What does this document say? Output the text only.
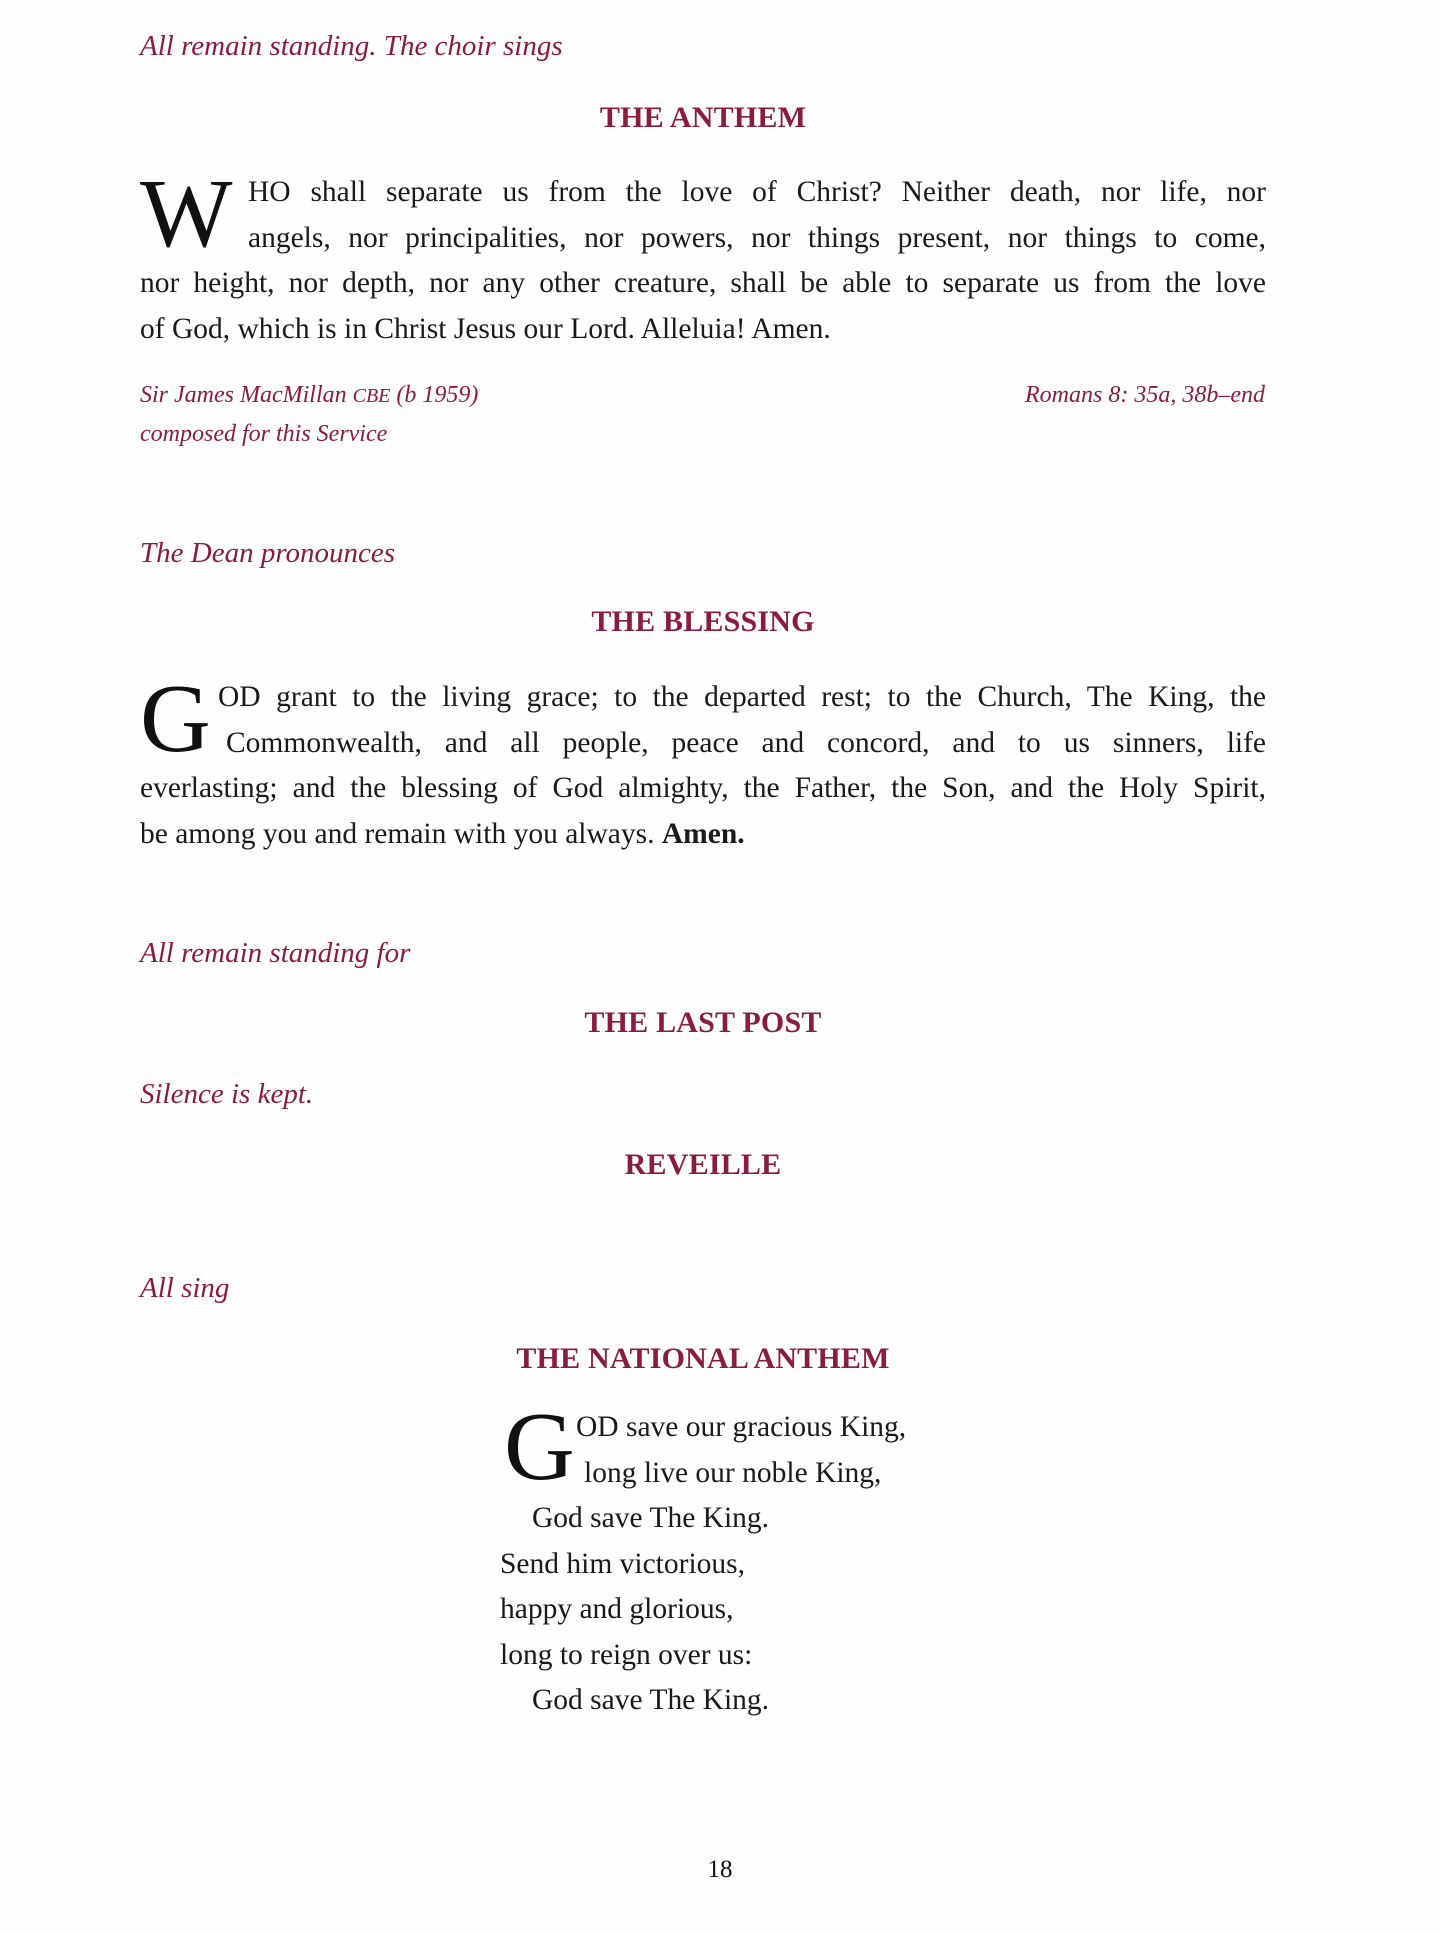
All remain standing. The choir sings
THE ANTHEM
W HO shall separate us from the love of Christ? Neither death, nor life, nor
angels, nor principalities, nor powers, nor things present, nor things to come,
nor height, nor depth, nor any other creature, shall be able to separate us from the love
of God, which is in Christ Jesus our Lord. Alleluia! Amen.
Sir James MacMillan CBE (b 1959)
composed for this Service
Romans 8: 35a, 38b–end
The Dean pronounces
THE BLESSING
G OD grant to the living grace; to the departed rest; to the Church, The King, the
Commonwealth, and all people, peace and concord, and to us sinners, life
everlasting; and the blessing of God almighty, the Father, the Son, and the Holy Spirit,
be among you and remain with you always. Amen.
All remain standing for
THE LAST POST
Silence is kept.
REVEILLE
All sing
THE NATIONAL ANTHEM
G OD save our gracious King,
long live our noble King,
God save The King.
Send him victorious,
happy and glorious,
long to reign over us:
God save The King.
18
